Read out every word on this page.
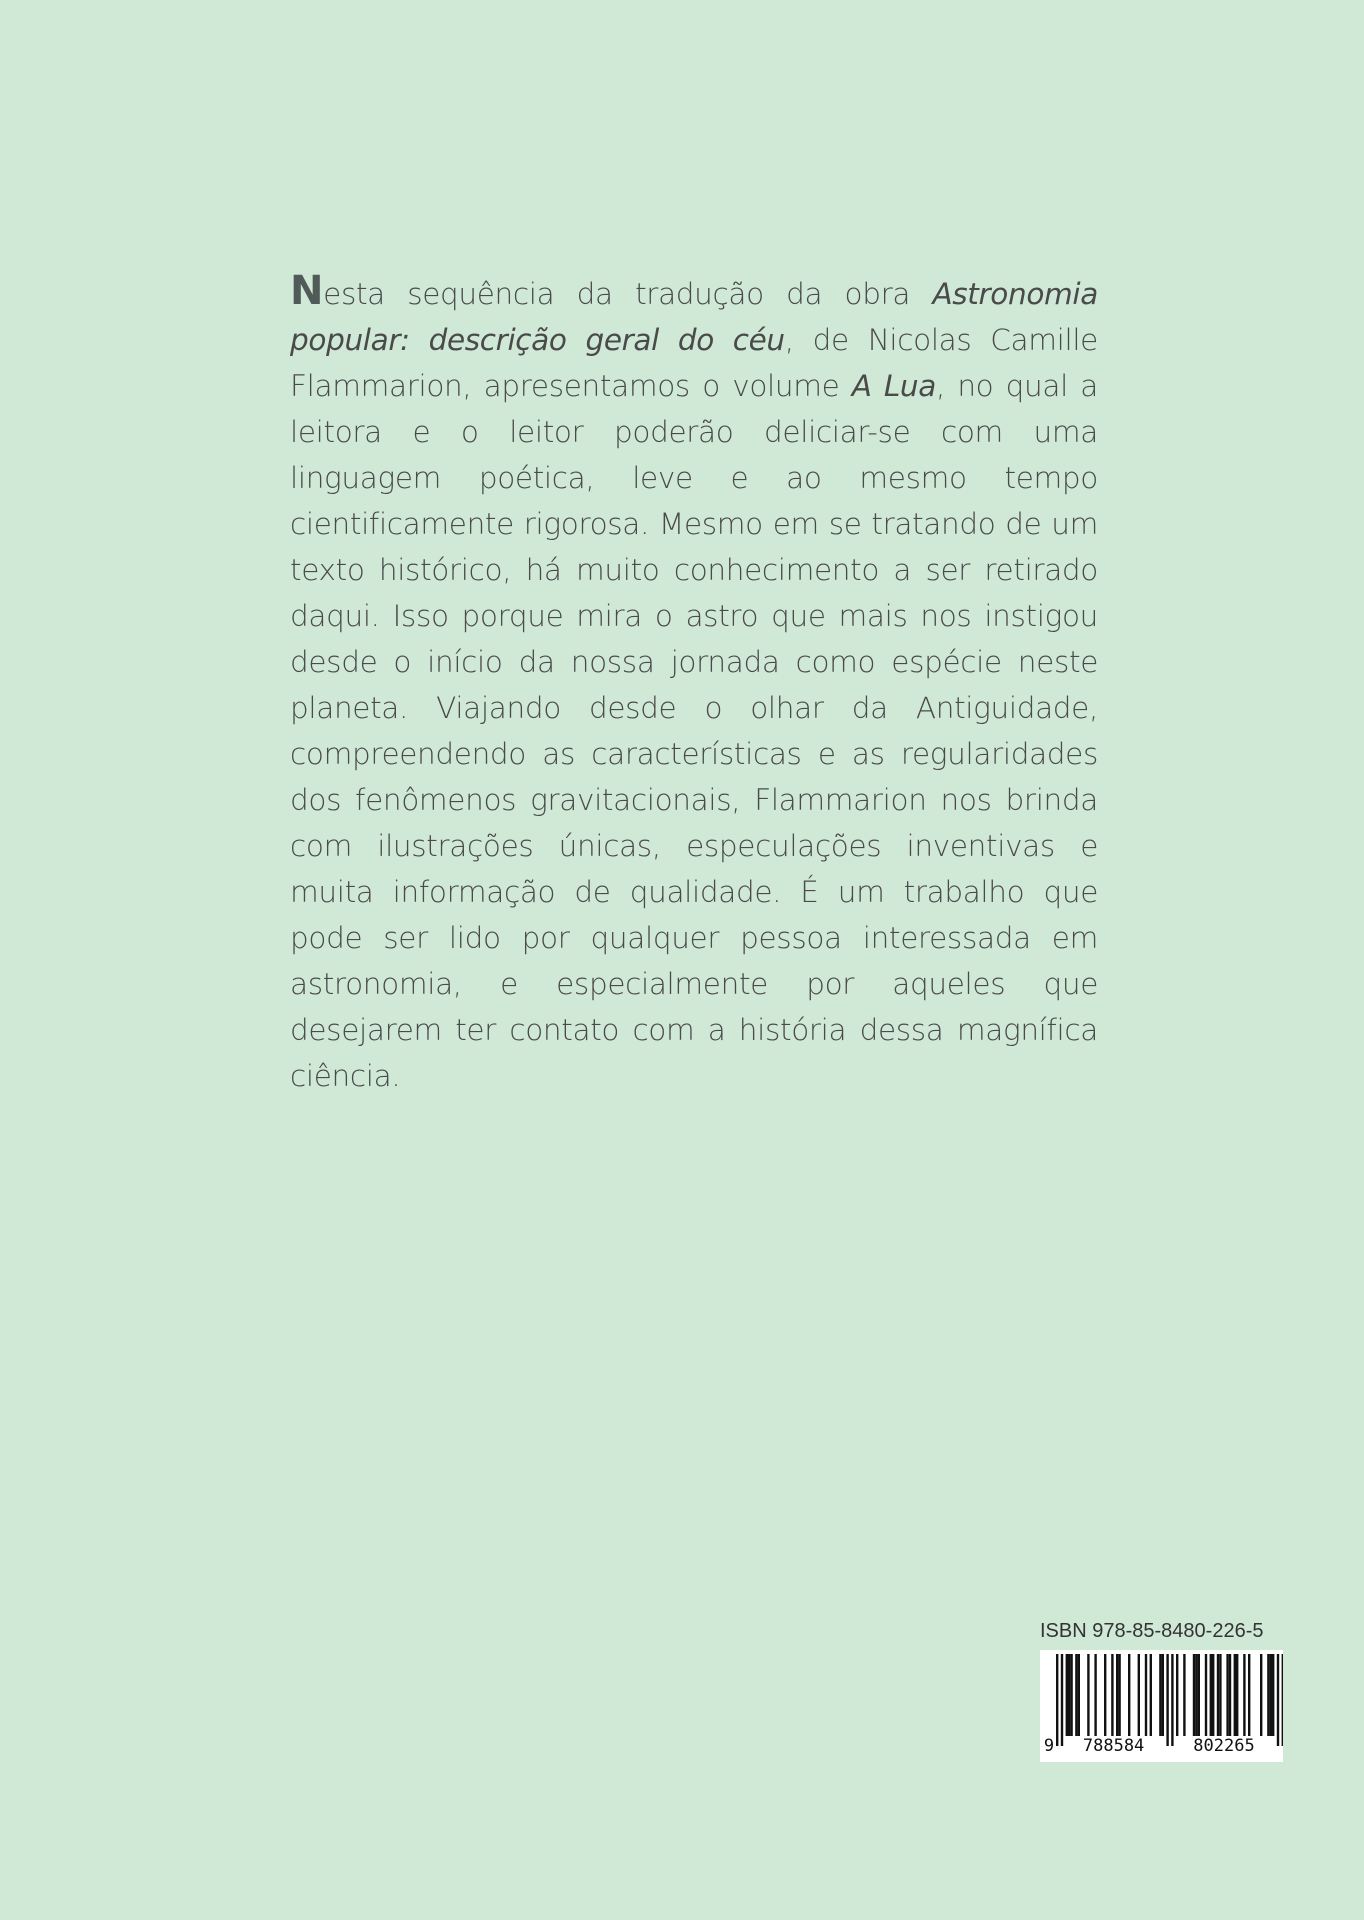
Nesta sequência da tradução da obra Astronomia popular: descrição geral do céu, de Nicolas Camille Flammarion, apresentamos o volume A Lua, no qual a leitora e o leitor poderão deliciar-se com uma linguagem poética, leve e ao mesmo tempo cientificamente rigorosa. Mesmo em se tratando de um texto histórico, há muito conhecimento a ser retirado daqui. Isso porque mira o astro que mais nos instigou desde o início da nossa jornada como espécie neste planeta. Viajando desde o olhar da Antiguidade, compreendendo as características e as regularidades dos fenômenos gravitacionais, Flammarion nos brinda com ilustrações únicas, especulações inventivas e muita informação de qualidade. É um trabalho que pode ser lido por qualquer pessoa interessada em astronomia, e especialmente por aqueles que desejarem ter contato com a história dessa magnífica ciência.

ISBN 978-85-8480-226-5
9 788584	802265
